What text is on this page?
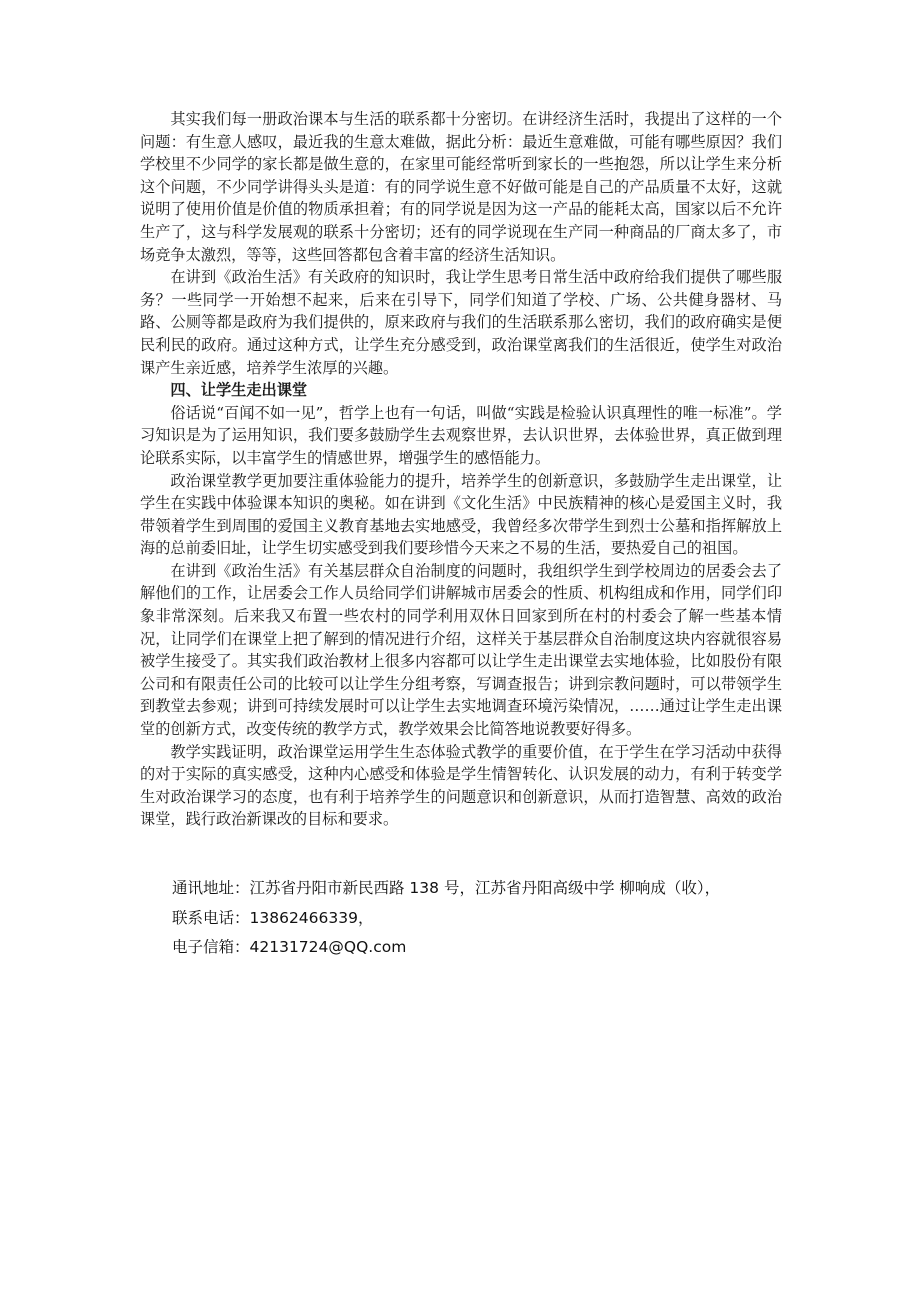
其实我们每一册政治课本与生活的联系都十分密切。在讲经济生活时，我提出了这样的一个问题：有生意人感叹，最近我的生意太难做，据此分析：最近生意难做，可能有哪些原因？我们学校里不少同学的家长都是做生意的，在家里可能经常听到家长的一些抱怨，所以让学生来分析这个问题，不少同学讲得头头是道：有的同学说生意不好做可能是自己的产品质量不太好，这就说明了使用价值是价值的物质承担着；有的同学说是因为这一产品的能耗太高，国家以后不允许生产了，这与科学发展观的联系十分密切；还有的同学说现在生产同一种商品的厂商太多了，市场竞争太激烈，等等，这些回答都包含着丰富的经济生活知识。

在讲到《政治生活》有关政府的知识时，我让学生思考日常生活中政府给我们提供了哪些服务？一些同学一开始想不起来，后来在引导下，同学们知道了学校、广场、公共健身器材、马路、公厕等都是政府为我们提供的，原来政府与我们的生活联系那么密切，我们的政府确实是便民利民的政府。通过这种方式，让学生充分感受到，政治课堂离我们的生活很近，使学生对政治课产生亲近感，培养学生浓厚的兴趣。

四、让学生走出课堂

俗话说“百闻不如一见”，哲学上也有一句话，叫做“实践是检验认识真理性的唯一标准”。学习知识是为了运用知识，我们要多鼓励学生去观察世界，去认识世界，去体验世界，真正做到理论联系实际，以丰富学生的情感世界，增强学生的感悟能力。

政治课堂教学更加要注重体验能力的提升，培养学生的创新意识，多鼓励学生走出课堂，让学生在实践中体验课本知识的奥秘。如在讲到《文化生活》中民族精神的核心是爱国主义时，我带领着学生到周围的爱国主义教育基地去实地感受，我曾经多次带学生到烈士公墓和指挥解放上海的总前委旧址，让学生切实感受到我们要珍惜今天来之不易的生活，要热爱自己的祖国。

在讲到《政治生活》有关基层群众自治制度的问题时，我组织学生到学校周边的居委会去了解他们的工作，让居委会工作人员给同学们讲解城市居委会的性质、机构组成和作用，同学们印象非常深刻。后来我又布置一些农村的同学利用双休日回家到所在村的村委会了解一些基本情况，让同学们在课堂上把了解到的情况进行介绍，这样关于基层群众自治制度这块内容就很容易被学生接受了。其实我们政治教材上很多内容都可以让学生走出课堂去实地体验，比如股份有限公司和有限责任公司的比较可以让学生分组考察，写调查报告；讲到宗教问题时，可以带领学生到教堂去参观；讲到可持续发展时可以让学生去实地调查环境污染情况，……通过让学生走出课堂的创新方式，改变传统的教学方式，教学效果会比简答地说教要好得多。

教学实践证明，政治课堂运用学生生态体验式教学的重要价值，在于学生在学习活动中获得的对于实际的真实感受，这种内心感受和体验是学生情智转化、认识发展的动力，有利于转变学生对政治课学习的态度，也有利于培养学生的问题意识和创新意识，从而打造智慧、高效的政治课堂，践行政治新课改的目标和要求。

通讯地址：江苏省丹阳市新民西路 138 号，江苏省丹阳高级中学 柳响成（收），
联系电话：13862466339，
电子信箱：42131724@QQ.com
